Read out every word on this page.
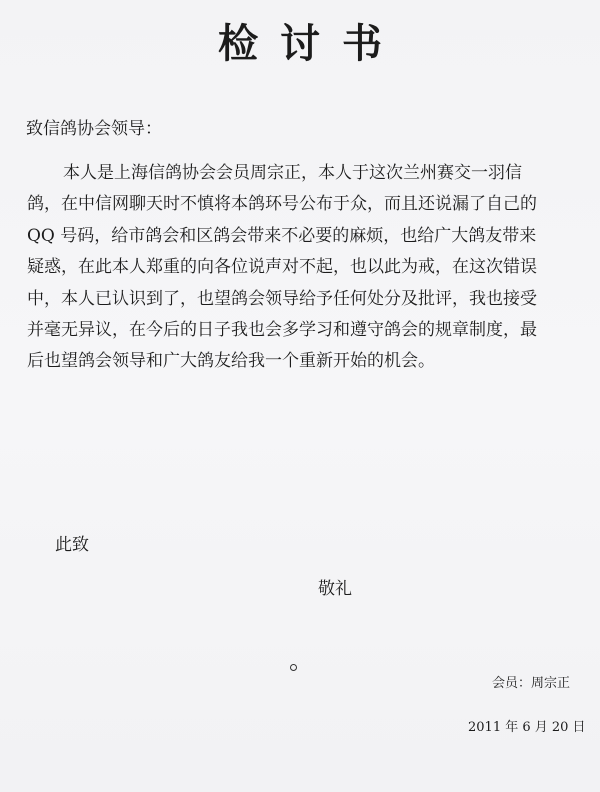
检讨书
致信鸽协会领导：
本人是上海信鸽协会会员周宗正，本人于这次兰州赛交一羽信
鸽，在中信网聊天时不慎将本鸽环号公布于众，而且还说漏了自己的
QQ 号码，给市鸽会和区鸽会带来不必要的麻烦，也给广大鸽友带来
疑惑，在此本人郑重的向各位说声对不起，也以此为戒，在这次错误
中，本人已认识到了，也望鸽会领导给予任何处分及批评，我也接受
并毫无异议，在今后的日子我也会多学习和遵守鸽会的规章制度，最
后也望鸽会领导和广大鸽友给我一个重新开始的机会。
此致
敬礼
会员：周宗正
2011 年 6 月 20 日
